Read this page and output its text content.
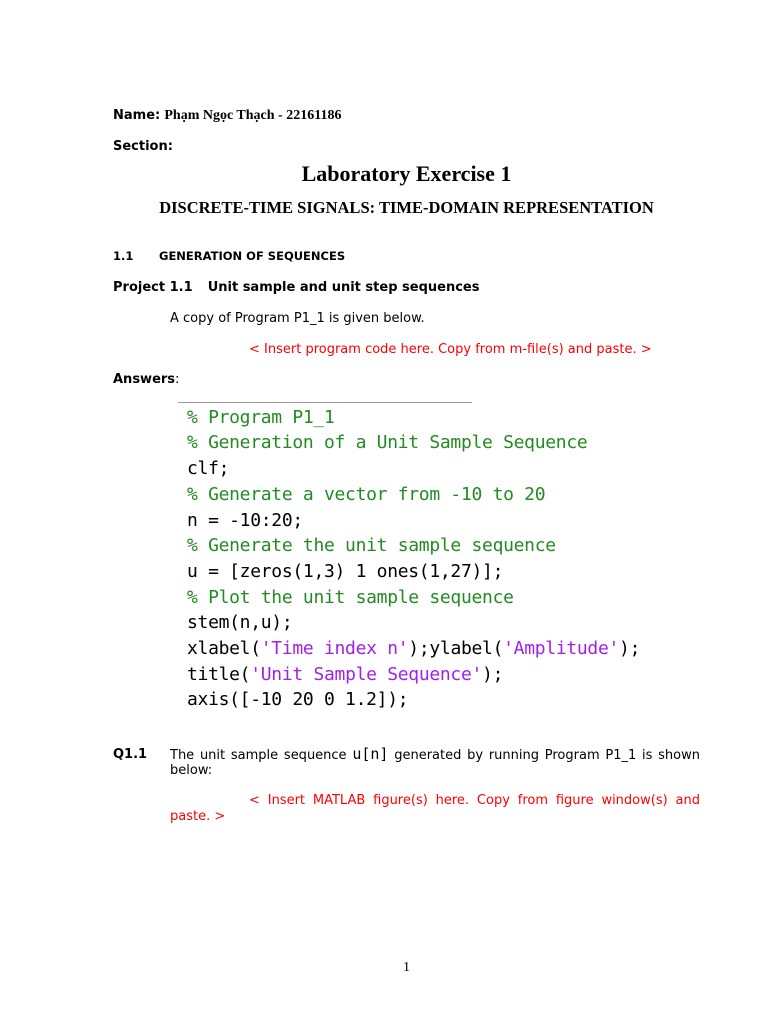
Name: Phạm Ngọc Thạch - 22161186
Section:
Laboratory Exercise 1
DISCRETE-TIME SIGNALS: TIME-DOMAIN REPRESENTATION
1.1 GENERATION OF SEQUENCES
Project 1.1 Unit sample and unit step sequences
A copy of Program P1_1 is given below.
< Insert program code here. Copy from m-file(s) and paste. >
Answers:
% Program P1_1
% Generation of a Unit Sample Sequence
clf;
% Generate a vector from -10 to 20
n = -10:20;
% Generate the unit sample sequence
u = [zeros(1,3) 1 ones(1,27)];
% Plot the unit sample sequence
stem(n,u);
xlabel('Time index n');ylabel('Amplitude');
title('Unit Sample Sequence');
axis([-10 20 0 1.2]);
Q1.1 The unit sample sequence u[n] generated by running Program P1_1 is shown
below:
< Insert MATLAB figure(s) here. Copy from figure window(s) and
paste. >
1
